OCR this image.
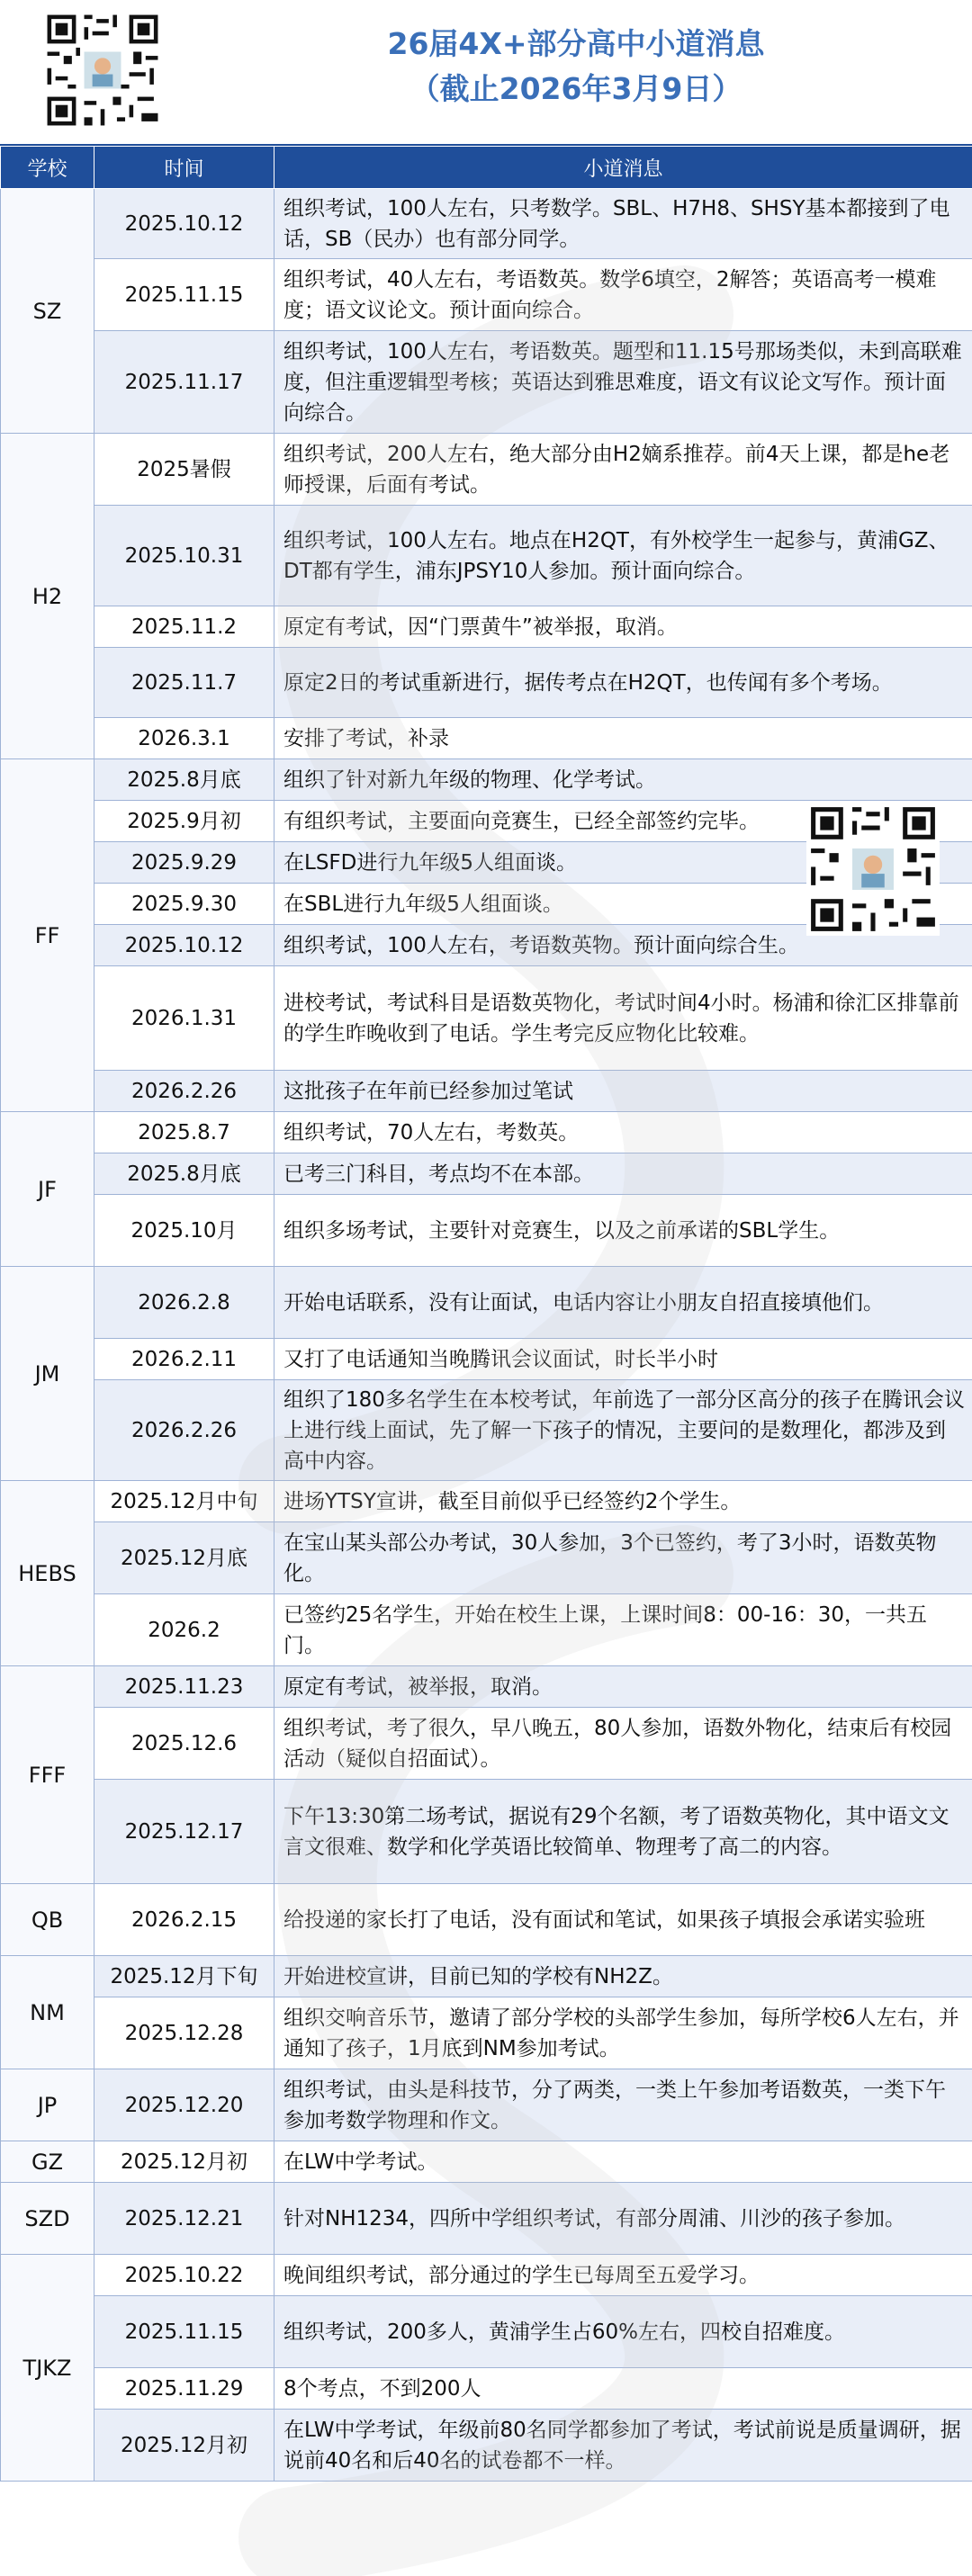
26届4X+部分高中小道消息
（截止2026年3月9日）
学校	时间	小道消息
SZ	2025.10.12	组织考试，100人左右，只考数学。SBL、H7H8、SHSY基本都接到了电话，SB（民办）也有部分同学。
	2025.11.15	组织考试，40人左右，考语数英。数学6填空，2解答；英语高考一模难度；语文议论文。预计面向综合。
	2025.11.17	组织考试，100人左右，考语数英。题型和11.15号那场类似，未到高联难度，但注重逻辑型考核；英语达到雅思难度，语文有议论文写作。预计面向综合。
H2	2025暑假	组织考试，200人左右，绝大部分由H2嫡系推荐。前4天上课，都是he老师授课，后面有考试。
	2025.10.31	组织考试，100人左右。地点在H2QT，有外校学生一起参与，黄浦GZ、DT都有学生，浦东JPSY10人参加。预计面向综合。
	2025.11.2	原定有考试，因“门票黄牛”被举报，取消。
	2025.11.7	原定2日的考试重新进行，据传考点在H2QT，也传闻有多个考场。
	2026.3.1	安排了考试，补录
FF	2025.8月底	组织了针对新九年级的物理、化学考试。
	2025.9月初	有组织考试，主要面向竞赛生，已经全部签约完毕。
	2025.9.29	在LSFD进行九年级5人组面谈。
	2025.9.30	在SBL进行九年级5人组面谈。
	2025.10.12	组织考试，100人左右，考语数英物。预计面向综合生。
	2026.1.31	进校考试，考试科目是语数英物化，考试时间4小时。杨浦和徐汇区排靠前的学生昨晚收到了电话。学生考完反应物化比较难。
	2026.2.26	这批孩子在年前已经参加过笔试
JF	2025.8.7	组织考试，70人左右，考数英。
	2025.8月底	已考三门科目，考点均不在本部。
	2025.10月	组织多场考试，主要针对竞赛生，以及之前承诺的SBL学生。
JM	2026.2.8	开始电话联系，没有让面试，电话内容让小朋友自招直接填他们。
	2026.2.11	又打了电话通知当晚腾讯会议面试，时长半小时
	2026.2.26	组织了180多名学生在本校考试，年前选了一部分区高分的孩子在腾讯会议上进行线上面试，先了解一下孩子的情况，主要问的是数理化，都涉及到高中内容。
HEBS	2025.12月中旬	进场YTSY宣讲，截至目前似乎已经签约2个学生。
	2025.12月底	在宝山某头部公办考试，30人参加，3个已签约，考了3小时，语数英物化。
	2026.2	已签约25名学生，开始在校生上课，上课时间8：00-16：30，一共五门。
FFF	2025.11.23	原定有考试，被举报，取消。
	2025.12.6	组织考试，考了很久，早八晚五，80人参加，语数外物化，结束后有校园活动（疑似自招面试）。
	2025.12.17	下午13:30第二场考试，据说有29个名额，考了语数英物化，其中语文文言文很难、数学和化学英语比较简单、物理考了高二的内容。
QB	2026.2.15	给投递的家长打了电话，没有面试和笔试，如果孩子填报会承诺实验班
NM	2025.12月下旬	开始进校宣讲，目前已知的学校有NH2Z。
	2025.12.28	组织交响音乐节，邀请了部分学校的头部学生参加，每所学校6人左右，并通知了孩子，1月底到NM参加考试。
JP	2025.12.20	组织考试，由头是科技节，分了两类，一类上午参加考语数英，一类下午参加考数学物理和作文。
GZ	2025.12月初	在LW中学考试。
SZD	2025.12.21	针对NH1234，四所中学组织考试，有部分周浦、川沙的孩子参加。
TJKZ	2025.10.22	晚间组织考试，部分通过的学生已每周至五爱学习。
	2025.11.15	组织考试，200多人，黄浦学生占60%左右，四校自招难度。
	2025.11.29	8个考点，不到200人
	2025.12月初	在LW中学考试，年级前80名同学都参加了考试，考试前说是质量调研，据说前40名和后40名的试卷都不一样。
